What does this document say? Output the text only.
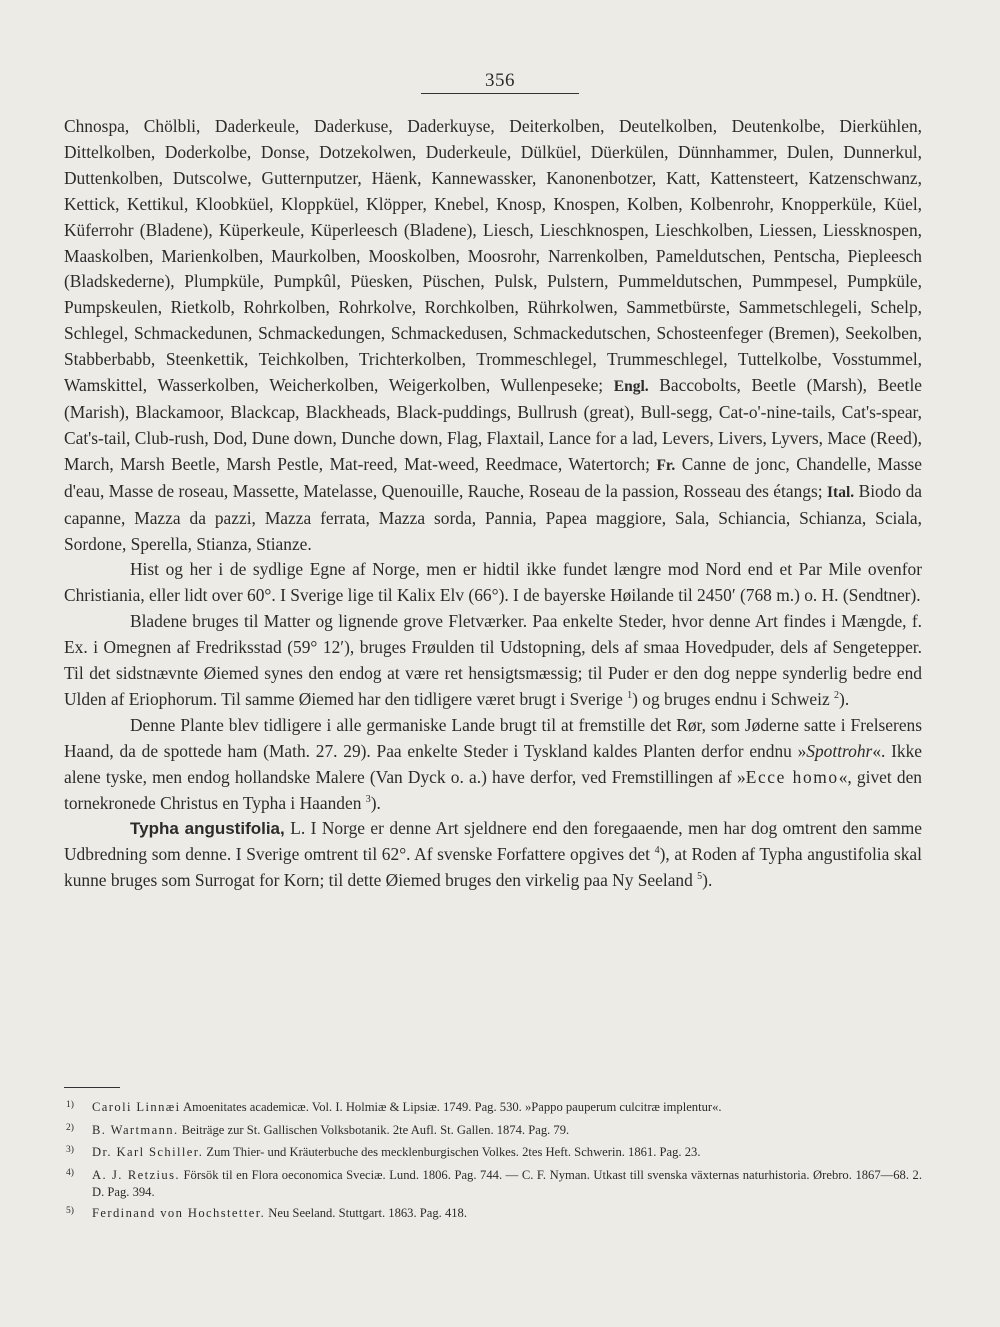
356

Chnospa, Chölbli, Daderkeule, Daderkuse, Daderkuyse, Deiterkolben, Deutelkolben, Deutenkolbe, Dierkühlen, Dittelkolben, Doderkolbe, Donse, Dotzekolwen, Duderkeule, Dülküel, Düerkülen, Dünnhammer, Dulen, Dunnerkul, Duttenkolben, Dutscolwe, Gutternputzer, Häenk, Kannewassker, Kanonenbotzer, Katt, Kattensteert, Katzenschwanz, Kettick, Kettikul, Kloobküel, Kloppküel, Klöpper, Knebel, Knosp, Knospen, Kolben, Kolbenrohr, Knopperküle, Küel, Küferrohr (Bladene), Küperkeule, Küperleesch (Bladene), Liesch, Lieschknospen, Lieschkolben, Liessen, Liessknospen, Maaskolben, Marienkolben, Maurkolben, Mooskolben, Moosrohr, Narrenkolben, Pameldutschen, Pentscha, Piepleesch (Bladskederne), Plumpküle, Pumpkûl, Püesken, Püschen, Pulsk, Pulstern, Pummeldutschen, Pummpesel, Pumpküle, Pumpskeulen, Rietkolb, Rohrkolben, Rohrkolve, Rorchkolben, Rührkolwen, Sammetbürste, Sammetschlegeli, Schelp, Schlegel, Schmackedunen, Schmackedungen, Schmackedusen, Schmackedutschen, Schosteenfeger (Bremen), Seekolben, Stabberbabb, Steenkettik, Teichkolben, Trichterkolben, Trommeschlegel, Trummeschlegel, Tuttelkolbe, Vosstummel, Wamskittel, Wasserkolben, Weicherkolben, Weigerkolben, Wullenpeseke; Engl. Baccobolts, Beetle (Marsh), Beetle (Marish), Blackamoor, Blackcap, Blackheads, Black-puddings, Bullrush (great), Bull-segg, Cat-o'-nine-tails, Cat's-spear, Cat's-tail, Club-rush, Dod, Dune down, Dunche down, Flag, Flaxtail, Lance for a lad, Levers, Livers, Lyvers, Mace (Reed), March, Marsh Beetle, Marsh Pestle, Mat-reed, Mat-weed, Reedmace, Watertorch; Fr. Canne de jonc, Chandelle, Masse d'eau, Masse de roseau, Massette, Matelasse, Quenouille, Rauche, Roseau de la passion, Rosseau des étangs; Ital. Biodo da capanne, Mazza da pazzi, Mazza ferrata, Mazza sorda, Pannia, Papea maggiore, Sala, Schiancia, Schianza, Sciala, Sordone, Sperella, Stianza, Stianze.

Hist og her i de sydlige Egne af Norge, men er hidtil ikke fundet længre mod Nord end et Par Mile ovenfor Christiania, eller lidt over 60°. I Sverige lige til Kalix Elv (66°). I de bayerske Høilande til 2450′ (768 m.) o. H. (Sendtner).

Bladene bruges til Matter og lignende grove Fletværker. Paa enkelte Steder, hvor denne Art findes i Mængde, f. Ex. i Omegnen af Fredriksstad (59° 12′), bruges Frøulden til Udstopning, dels af smaa Hovedpuder, dels af Sengetepper. Til det sidstnævnte Øiemed synes den endog at være ret hensigtsmæssig; til Puder er den dog neppe synderlig bedre end Ulden af Eriophorum. Til samme Øiemed har den tidligere været brugt i Sverige $^1$) og bruges endnu i Schweiz $^2$).

Denne Plante blev tidligere i alle germaniske Lande brugt til at fremstille det Rør, som Jøderne satte i Frelserens Haand, da de spottede ham (Math. 27. 29). Paa enkelte Steder i Tyskland kaldes Planten derfor endnu »Spottrohr«. Ikke alene tyske, men endog hollandske Malere (Van Dyck o. a.) have derfor, ved Fremstillingen af »Ecce homo«, givet den tornekronede Christus en Typha i Haanden $^3$).

Typha angustifolia, L. I Norge er denne Art sjeldnere end den foregaaende, men har dog omtrent den samme Udbredning som denne. I Sverige omtrent til 62°. Af svenske Forfattere opgives det $^4$), at Roden af Typha angustifolia skal kunne bruges som Surrogat for Korn; til dette Øiemed bruges den virkelig paa Ny Seeland $^5$).

1)	Caroli Linnæi Amoenitates academicæ. Vol. I. Holmiæ & Lipsiæ. 1749. Pag. 530. »Pappo pauperum culcitræ implentur«.
2)	B. Wartmann. Beiträge zur St. Gallischen Volksbotanik. 2te Aufl. St. Gallen. 1874. Pag. 79.
3)	Dr. Karl Schiller. Zum Thier- und Kräuterbuche des mecklenburgischen Volkes. 2tes Heft. Schwerin. 1861. Pag. 23.
4)	A. J. Retzius. Försök til en Flora oeconomica Sveciæ. Lund. 1806. Pag. 744. — C. F. Nyman. Utkast till svenska växternas naturhistoria. Ørebro. 1867—68. 2. D. Pag. 394.
5)	Ferdinand von Hochstetter. Neu Seeland. Stuttgart. 1863. Pag. 418.
